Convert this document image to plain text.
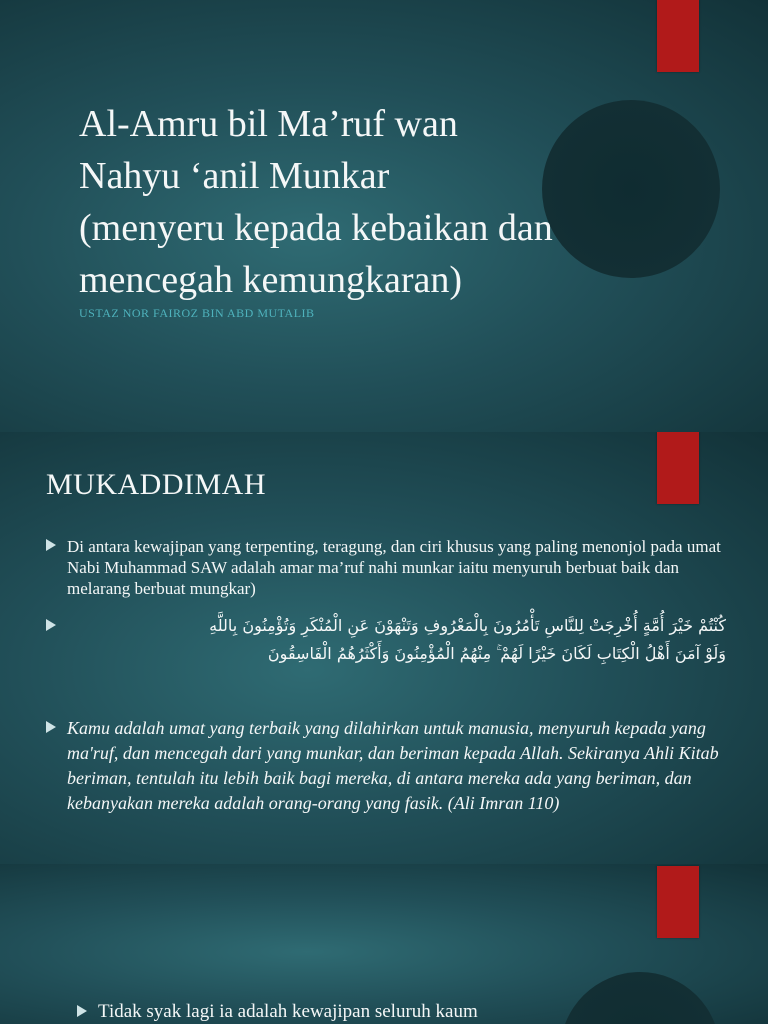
Al-Amru bil Ma’ruf wan
Nahyu ‘anil Munkar
(menyeru kepada kebaikan dan
mencegah kemungkaran)

USTAZ NOR FAIROZ BIN ABD MUTALIB

MUKADDIMAH
Di antara kewajipan yang terpenting, teragung, dan ciri khusus yang paling menonjol pada umat Nabi Muhammad SAW adalah amar ma’ruf nahi munkar iaitu menyuruh berbuat baik dan melarang berbuat mungkar)
كُنْتُمْ خَيْرَ أُمَّةٍ أُخْرِجَتْ لِلنَّاسِ تَأْمُرُونَ بِالْمَعْرُوفِ وَتَنْهَوْنَ عَنِ الْمُنْكَرِ وَتُؤْمِنُونَ بِاللَّهِ
وَلَوْ آمَنَ أَهْلُ الْكِتَابِ لَكَانَ خَيْرًا لَهُمْ ۚ مِنْهُمُ الْمُؤْمِنُونَ وَأَكْثَرُهُمُ الْفَاسِقُونَ
Kamu adalah umat yang terbaik yang dilahirkan untuk manusia, menyuruh kepada yang ma'ruf, dan mencegah dari yang munkar, dan beriman kepada Allah. Sekiranya Ahli Kitab beriman, tentulah itu lebih baik bagi mereka, di antara mereka ada yang beriman, dan kebanyakan mereka adalah orang-orang yang fasik. (Ali Imran 110)
Tidak syak lagi ia adalah kewajipan seluruh kaum
